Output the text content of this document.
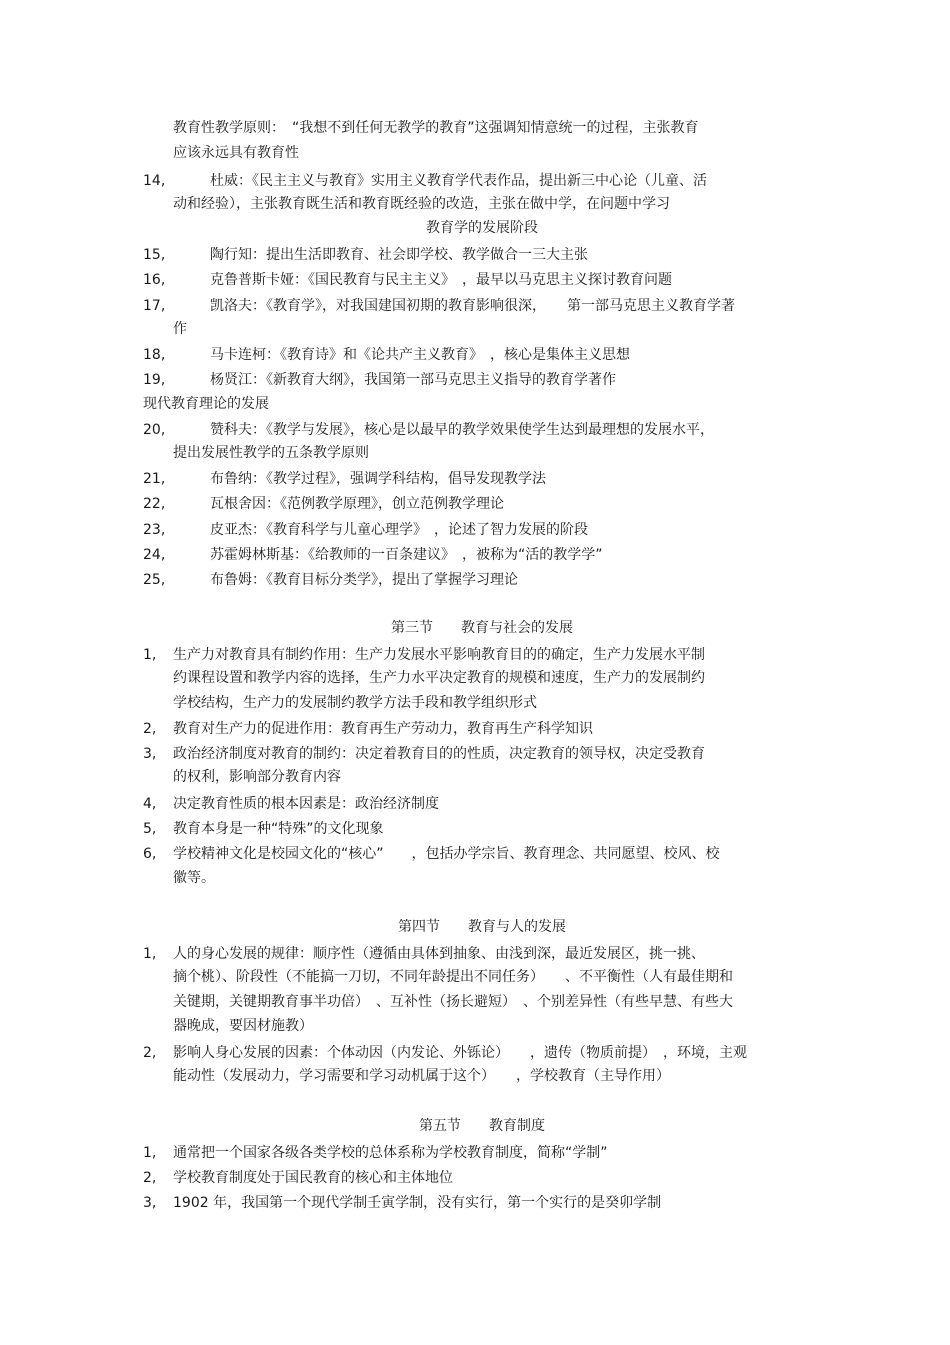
教育性教学原则：　“我想不到任何无教学的教育”这强调知情意统一的过程，主张教育
应该永远具有教育性
14,	杜威：《民主主义与教育》实用主义教育学代表作品，提出新三中心论（儿童、活
动和经验），主张教育既生活和教育既经验的改造，主张在做中学，在问题中学习
教育学的发展阶段
15,	陶行知：提出生活即教育、社会即学校、教学做合一三大主张
16,	克鲁普斯卡娅：《国民教育与民主主义》　，最早以马克思主义探讨教育问题
17,	凯洛夫：《教育学》，对我国建国初期的教育影响很深，　　第一部马克思主义教育学著
作
18,	马卡连柯：《教育诗》和《论共产主义教育》　，核心是集体主义思想
19,	杨贤江：《新教育大纲》，我国第一部马克思主义指导的教育学著作
现代教育理论的发展
20,	赞科夫：《教学与发展》，核心是以最早的教学效果使学生达到最理想的发展水平，
提出发展性教学的五条教学原则
21,	布鲁纳：《教学过程》，强调学科结构，倡导发现教学法
22,	瓦根舍因：《范例教学原理》，创立范例教学理论
23,	皮亚杰：《教育科学与儿童心理学》　，论述了智力发展的阶段
24,	苏霍姆林斯基：《给教师的一百条建议》　，被称为“活的教学学”
25,	布鲁姆：《教育目标分类学》，提出了掌握学习理论
第三节　　教育与社会的发展
1, 生产力对教育具有制约作用：生产力发展水平影响教育目的的确定，生产力发展水平制
约课程设置和教学内容的选择，生产力水平决定教育的规模和速度，生产力的发展制约
学校结构，生产力的发展制约教学方法手段和教学组织形式
2, 教育对生产力的促进作用：教育再生产劳动力，教育再生产科学知识
3, 政治经济制度对教育的制约：决定着教育目的的性质，决定教育的领导权，决定受教育
的权利，影响部分教育内容
4, 决定教育性质的根本因素是：政治经济制度
5, 教育本身是一种“特殊”的文化现象
6, 学校精神文化是校园文化的“核心”　　，包括办学宗旨、教育理念、共同愿望、校风、校
徽等。
第四节　　教育与人的发展
1, 人的身心发展的规律：顺序性（遵循由具体到抽象、由浅到深，最近发展区，挑一挑、
摘个桃）、阶段性（不能搞一刀切，不同年龄提出不同任务）　　、不平衡性（人有最佳期和
关键期，关键期教育事半功倍）　、互补性（扬长避短）　、个别差异性（有些早慧、有些大
器晚成，要因材施教）
2, 影响人身心发展的因素：个体动因（内发论、外铄论）　　，遗传（物质前提）　，环境，主观
能动性（发展动力，学习需要和学习动机属于这个）　　，学校教育（主导作用）
第五节　　教育制度
1, 通常把一个国家各级各类学校的总体系称为学校教育制度，简称“学制”
2, 学校教育制度处于国民教育的核心和主体地位
3, 1902 年，我国第一个现代学制壬寅学制，没有实行，第一个实行的是癸卯学制
